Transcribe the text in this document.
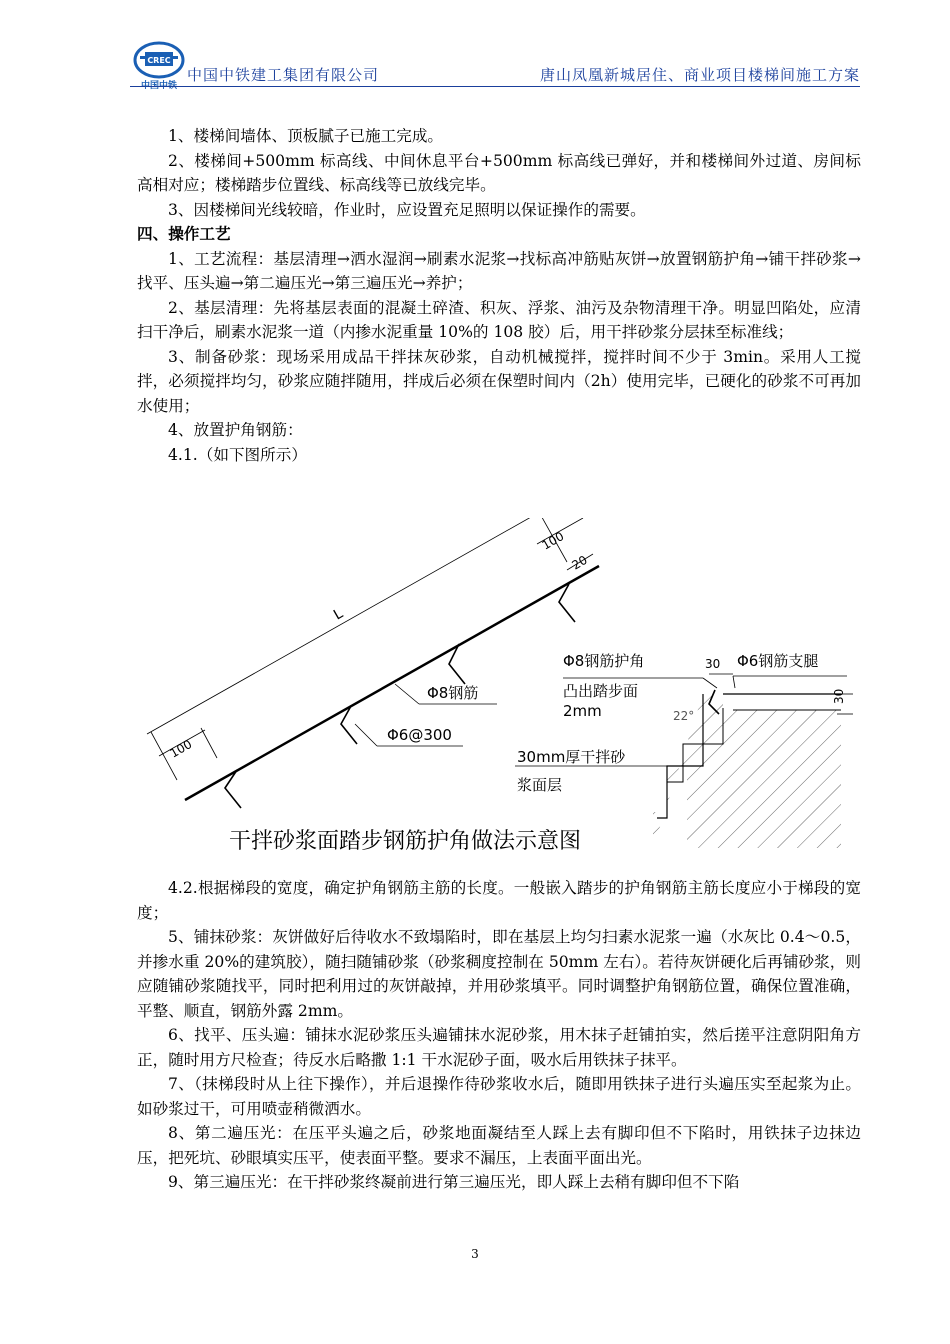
CREC
中国中铁
中国中铁建工集团有限公司	唐山凤凰新城居住、商业项目楼梯间施工方案

1、楼梯间墙体、顶板腻子已施工完成。

2、楼梯间+500mm 标高线、中间休息平台+500mm 标高线已弹好，并和楼梯间外过道、房间标高相对应；楼梯踏步位置线、标高线等已放线完毕。

3、因楼梯间光线较暗，作业时，应设置充足照明以保证操作的需要。

四、操作工艺

1、工艺流程：基层清理→洒水湿润→刷素水泥浆→找标高冲筋贴灰饼→放置钢筋护角→铺干拌砂浆→找平、压头遍→第二遍压光→第三遍压光→养护；

2、基层清理：先将基层表面的混凝土碎渣、积灰、浮浆、油污及杂物清理干净。明显凹陷处，应清扫干净后，刷素水泥浆一道（内掺水泥重量 10%的 108 胶）后，用干拌砂浆分层抹至标准线；

3、制备砂浆：现场采用成品干拌抹灰砂浆，自动机械搅拌，搅拌时间不少于 3min。采用人工搅拌，必须搅拌均匀，砂浆应随拌随用，拌成后必须在保塑时间内（2h）使用完毕，已硬化的砂浆不可再加水使用；

4、放置护角钢筋：

4.1.（如下图所示）

100
100
20
L
Φ8钢筋
Φ6@300
Φ8钢筋护角
凸出踏步面
2mm
Φ6钢筋支腿
30
30
22°
30mm厚干拌砂
浆面层
干拌砂浆面踏步钢筋护角做法示意图

4.2.根据梯段的宽度，确定护角钢筋主筋的长度。一般嵌入踏步的护角钢筋主筋长度应小于梯段的宽度；

5、铺抹砂浆：灰饼做好后待收水不致塌陷时，即在基层上均匀扫素水泥浆一遍（水灰比 0.4～0.5，并掺水重 20%的建筑胶），随扫随铺砂浆（砂浆稠度控制在 50mm 左右）。若待灰饼硬化后再铺砂浆，则应随铺砂浆随找平，同时把利用过的灰饼敲掉，并用砂浆填平。同时调整护角钢筋位置，确保位置准确，平整、顺直，钢筋外露 2mm。

6、找平、压头遍：铺抹水泥砂浆压头遍铺抹水泥砂浆，用木抹子赶铺拍实，然后搓平注意阴阳角方正，随时用方尺检查；待反水后略撒 1:1 干水泥砂子面，吸水后用铁抹子抹平。

7、（抹梯段时从上往下操作），并后退操作待砂浆收水后，随即用铁抹子进行头遍压实至起浆为止。如砂浆过干，可用喷壶稍微洒水。

8、第二遍压光：在压平头遍之后，砂浆地面凝结至人踩上去有脚印但不下陷时，用铁抹子边抹边压，把死坑、砂眼填实压平，使表面平整。要求不漏压，上表面平面出光。

9、第三遍压光：在干拌砂浆终凝前进行第三遍压光，即人踩上去稍有脚印但不下陷

3
